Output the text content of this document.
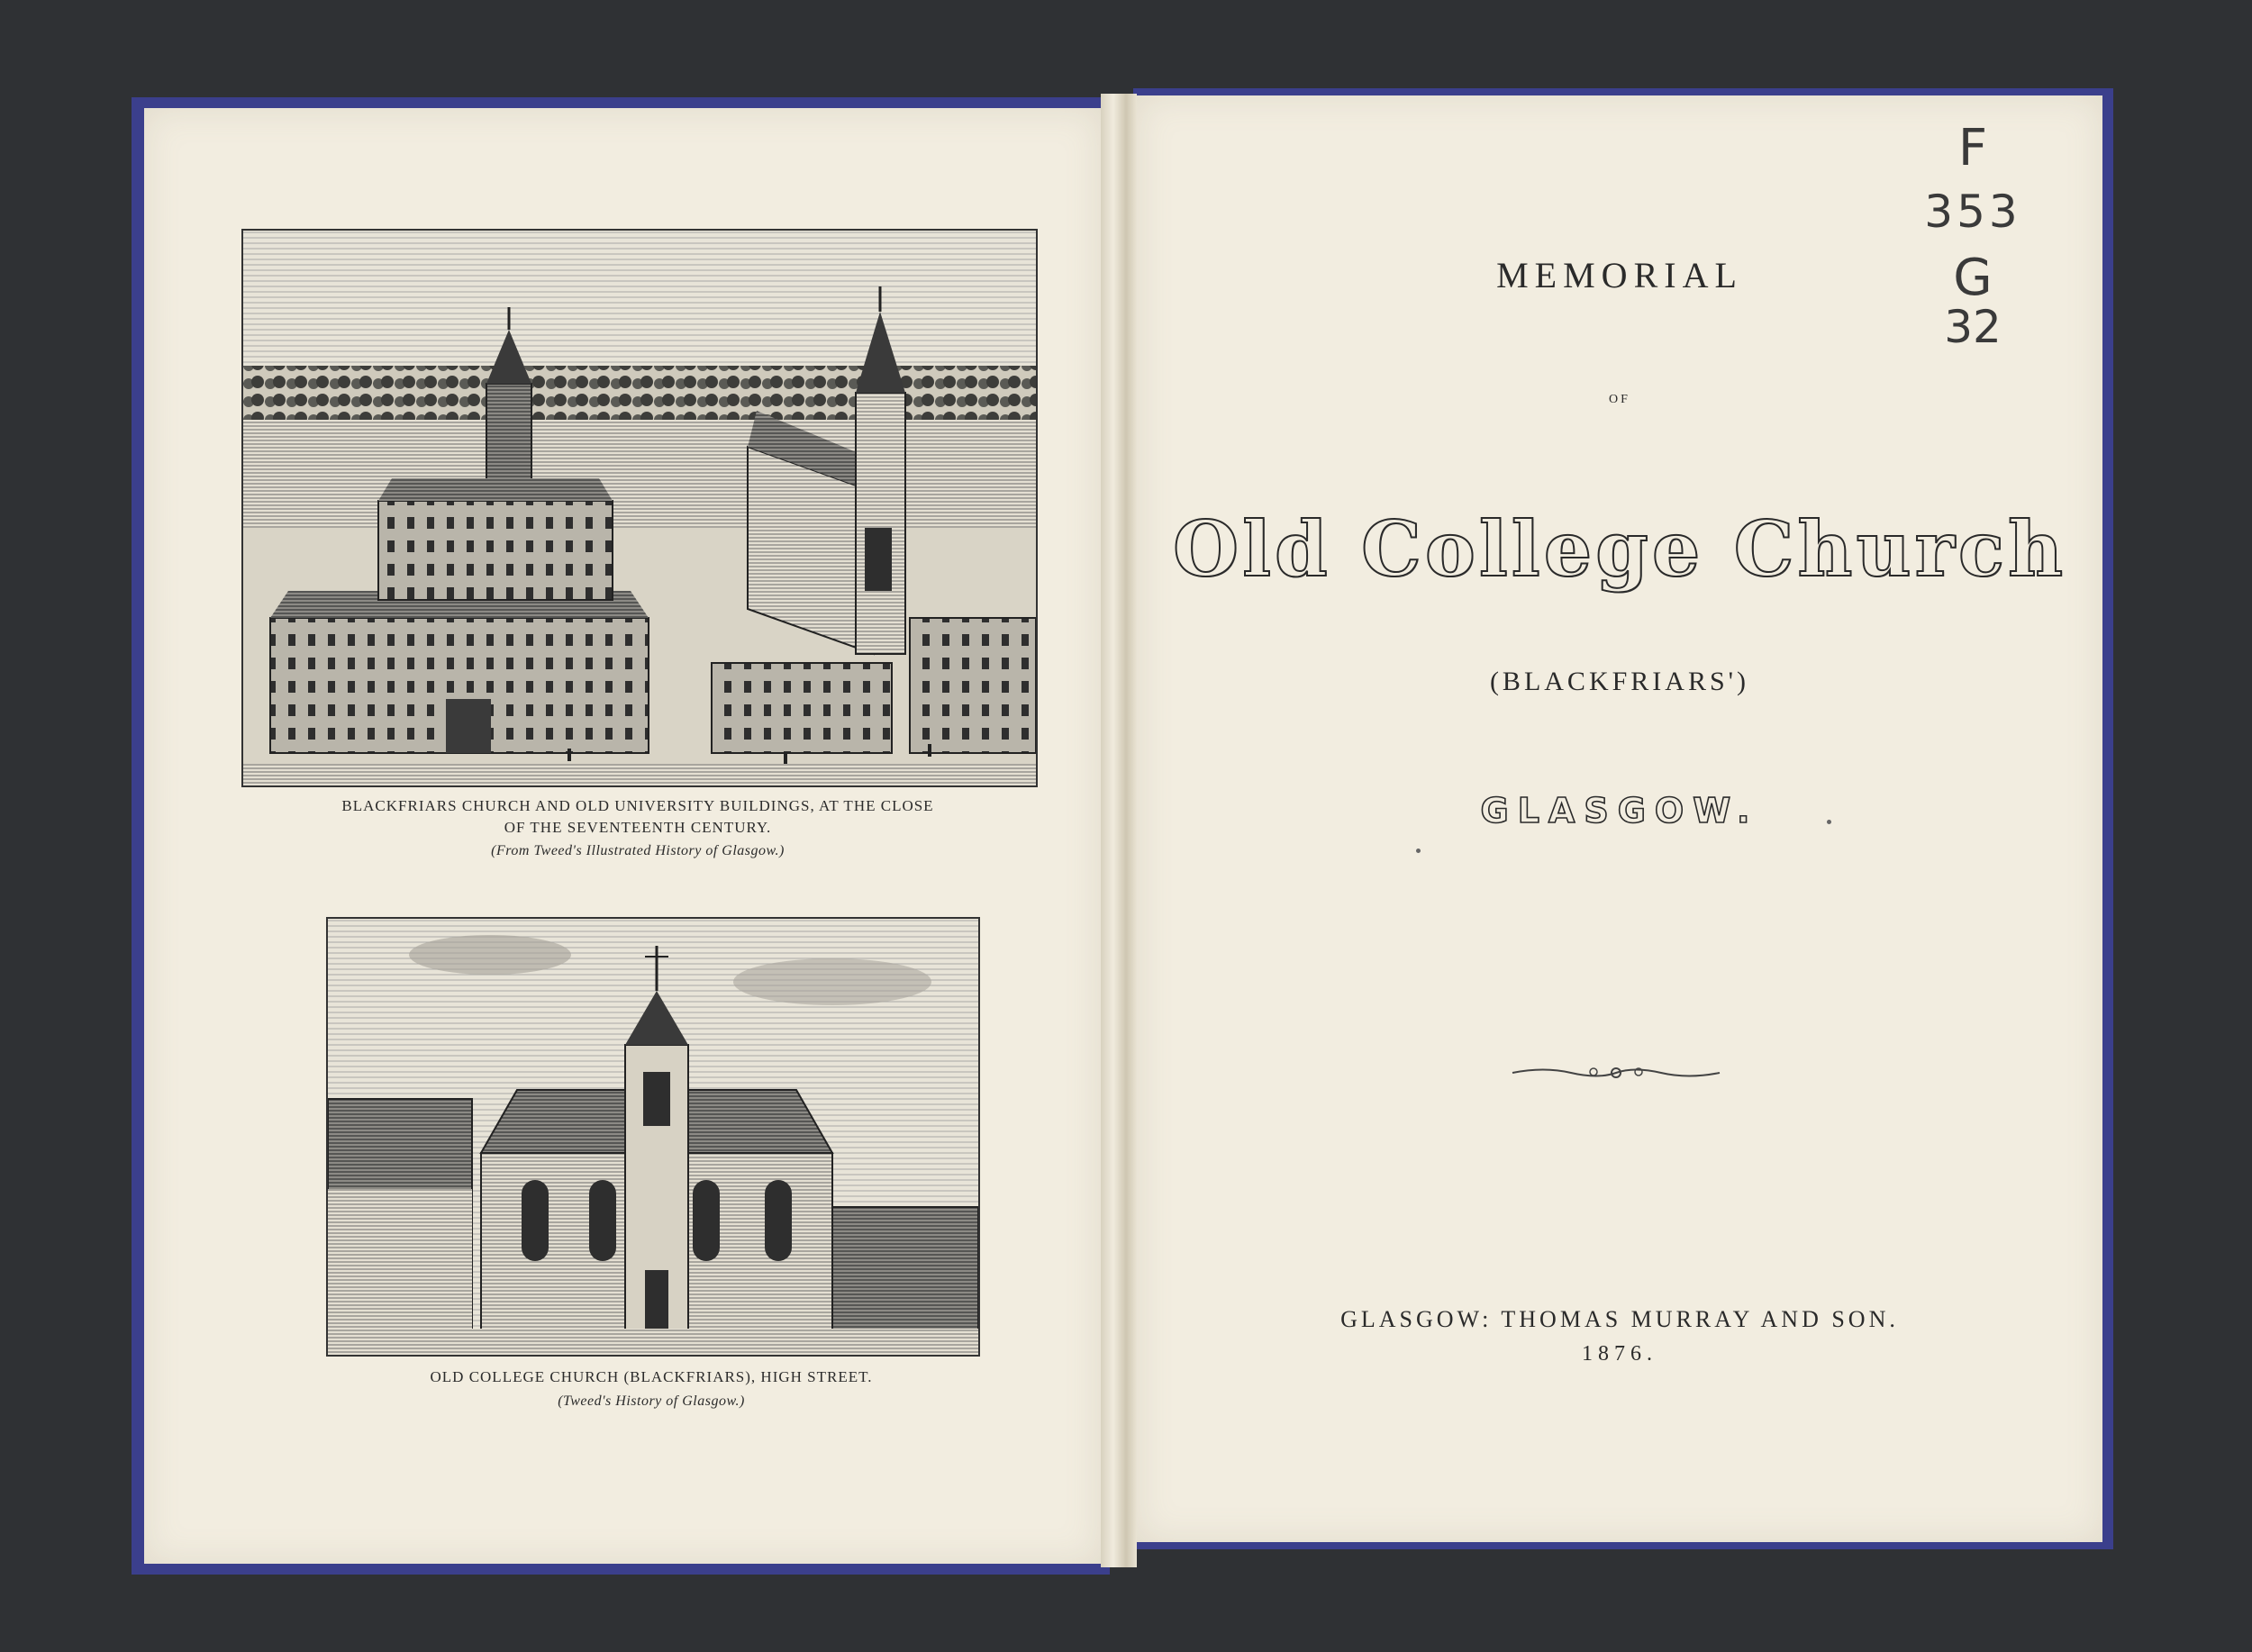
BLACKFRIARS CHURCH AND OLD UNIVERSITY BUILDINGS, AT THE CLOSE
OF THE SEVENTEENTH CENTURY.
(From Tweed's Illustrated History of Glasgow.)
OLD COLLEGE CHURCH (BLACKFRIARS), HIGH STREET.
(Tweed's History of Glasgow.)
MEMORIAL
OF
Old College Church
(BLACKFRIARS')
GLASGOW.
GLASGOW: THOMAS MURRAY AND SON.
1876.
F
353
G
32
